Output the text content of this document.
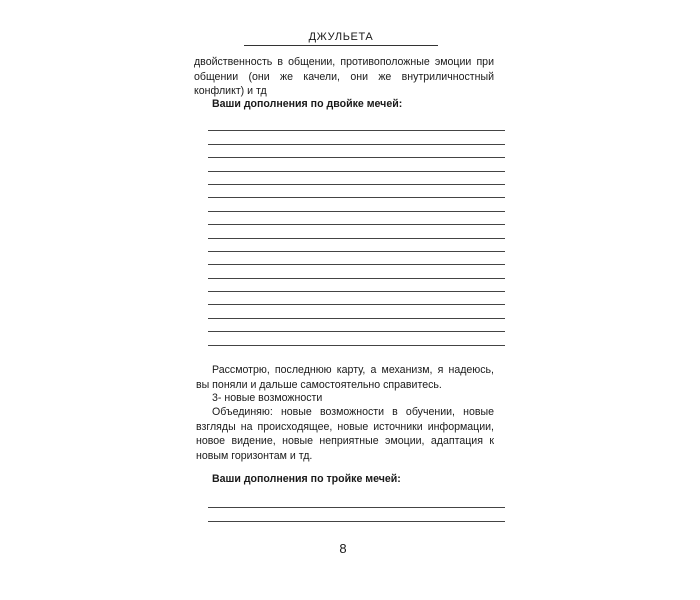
ДЖУЛЬЕТА
двойственность в общении, противоположные эмоции при общении (они же качели, они же внутриличностный конфликт) и тд
Ваши дополнения по двойке мечей:
Рассмотрю, последнюю карту, а механизм, я надеюсь, вы поняли и дальше самостоятельно справитесь.
3- новые возможности
Объединяю: новые возможности в обучении, новые взгляды на происходящее, новые источники информации, новое видение, новые неприятные эмоции, адаптация к новым горизонтам и тд.
Ваши дополнения по тройке мечей:
8
